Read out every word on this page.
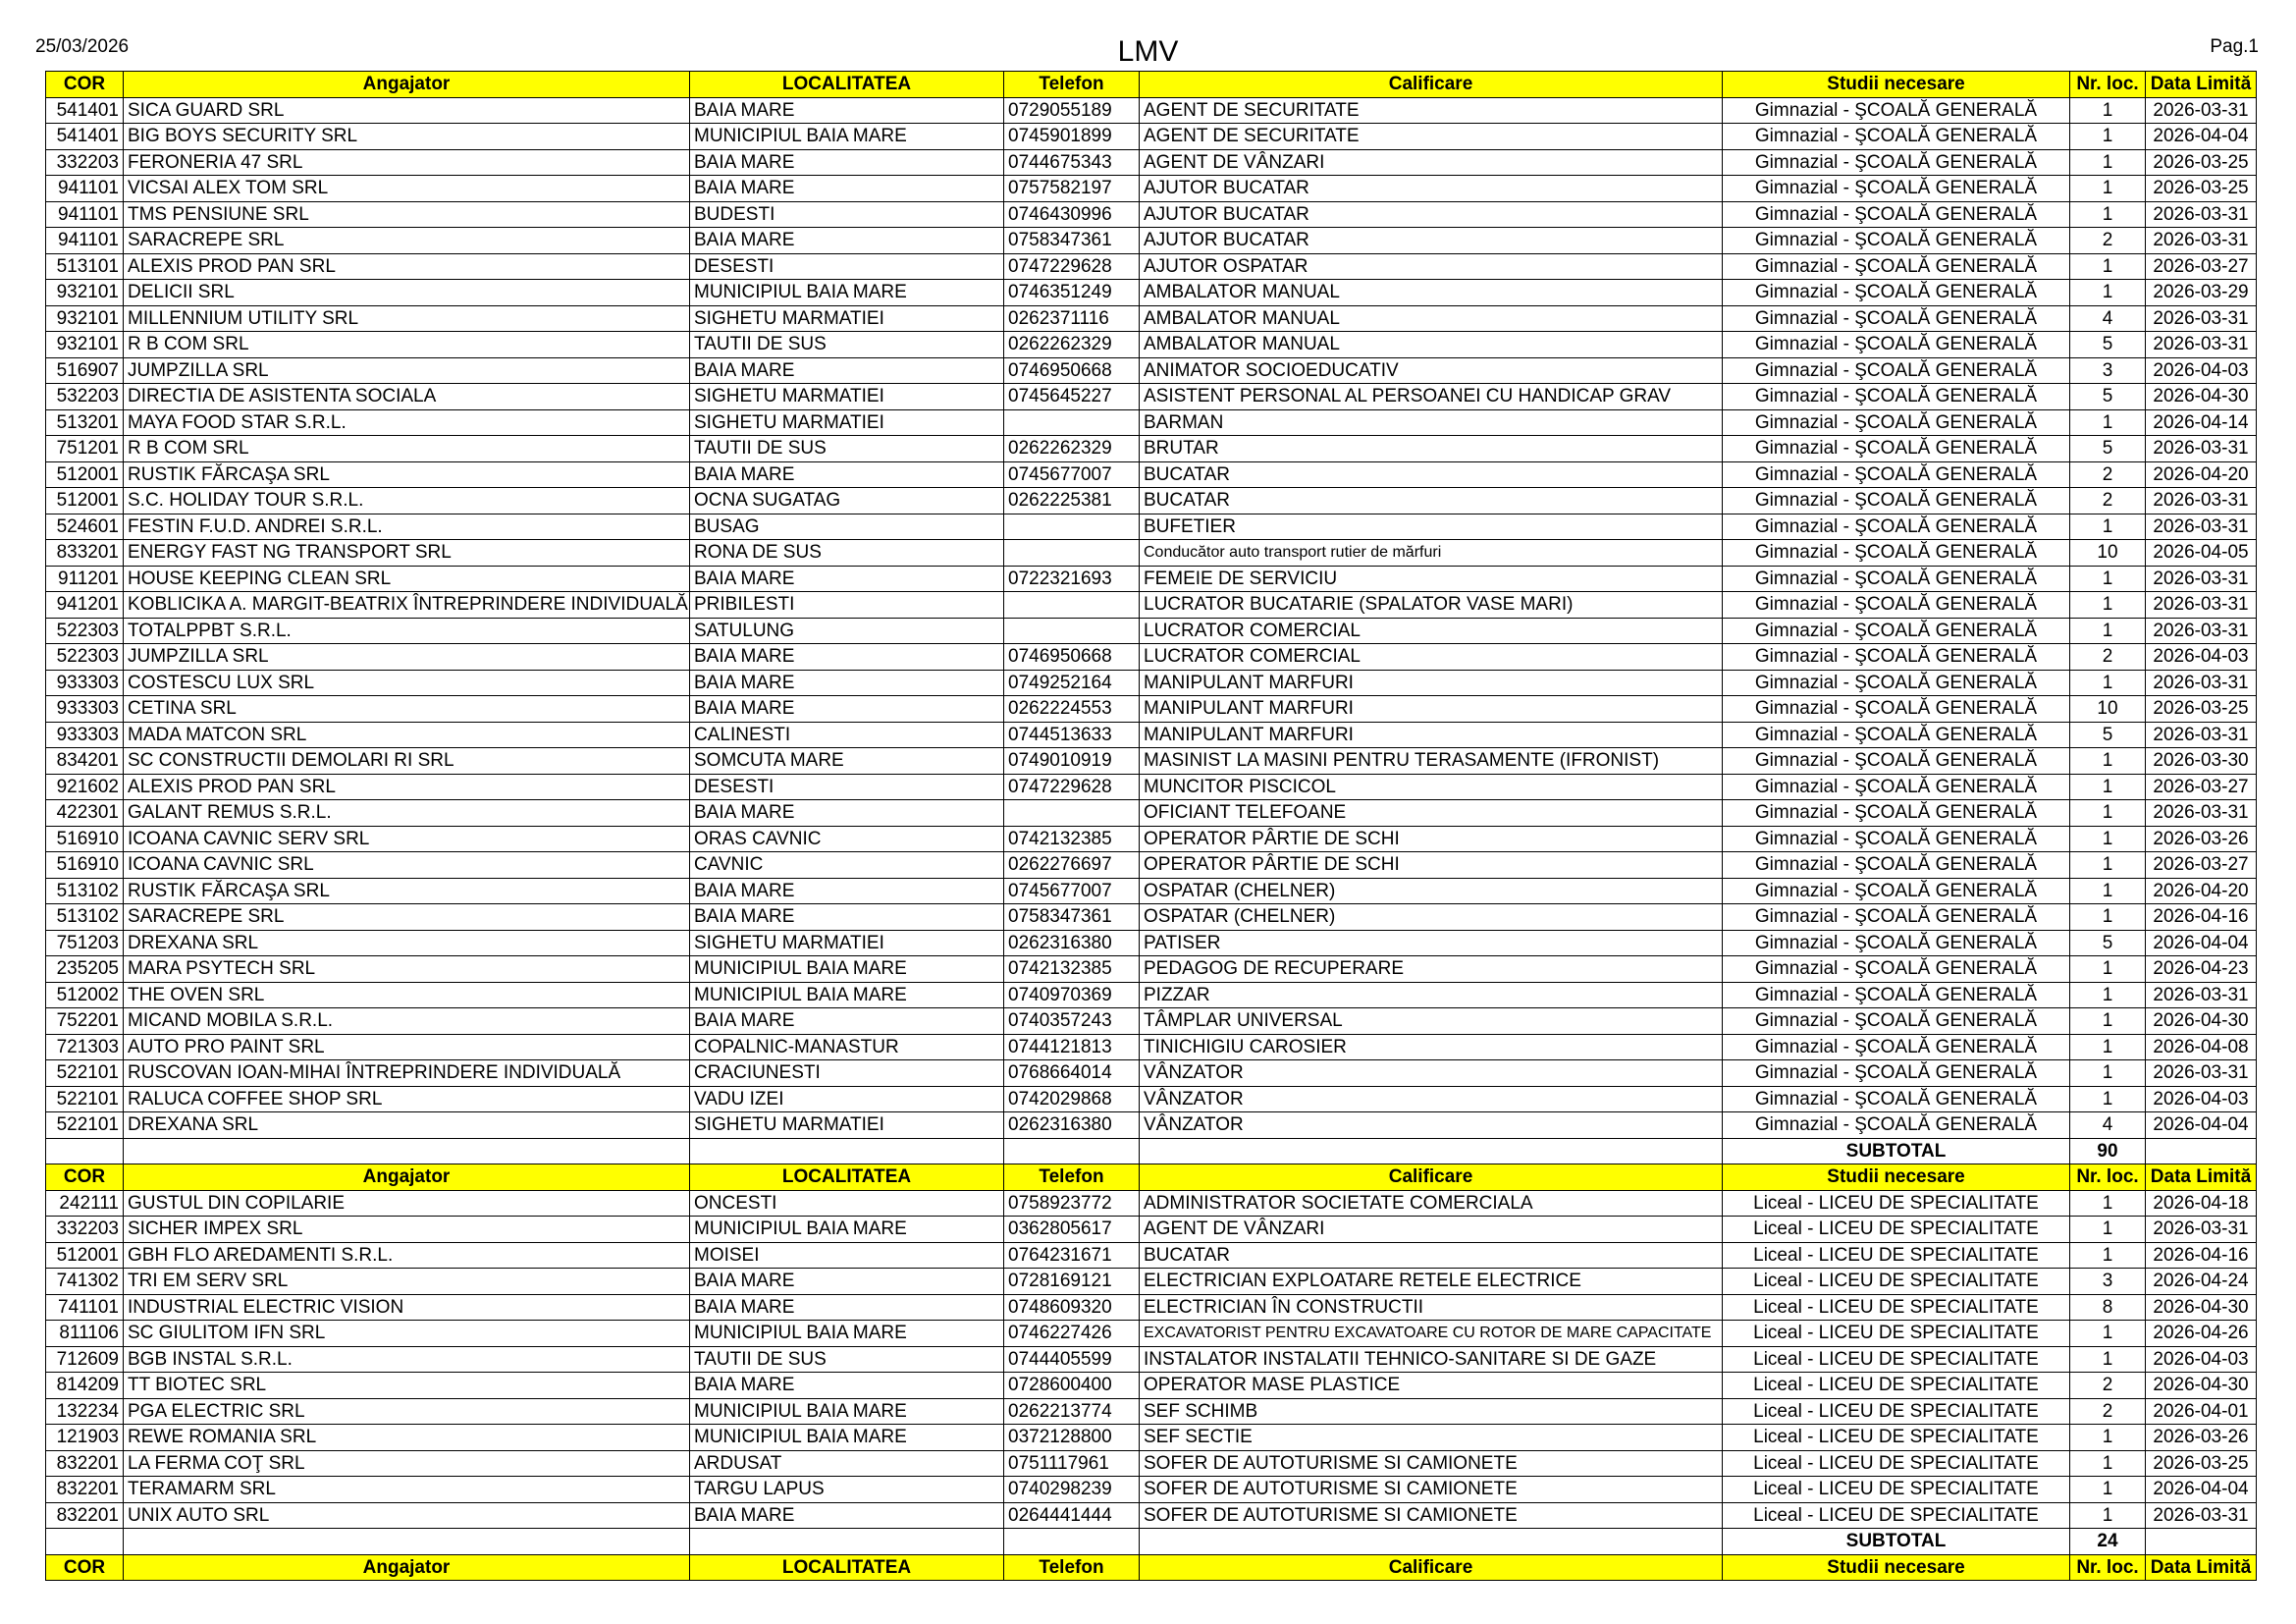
25/03/2026	LMV	Pag.1
COR	Angajator	LOCALITATEA	Telefon	Calificare	Studii necesare	Nr. loc.	Data Limită
541401	SICA GUARD SRL	BAIA MARE	0729055189	AGENT DE SECURITATE	Gimnazial - ŞCOALĂ GENERALĂ	1	2026-03-31
541401	BIG BOYS SECURITY SRL	MUNICIPIUL BAIA MARE	0745901899	AGENT DE SECURITATE	Gimnazial - ŞCOALĂ GENERALĂ	1	2026-04-04
332203	FERONERIA 47 SRL	BAIA MARE	0744675343	AGENT DE VÂNZARI	Gimnazial - ŞCOALĂ GENERALĂ	1	2026-03-25
941101	VICSAI ALEX TOM SRL	BAIA MARE	0757582197	AJUTOR BUCATAR	Gimnazial - ŞCOALĂ GENERALĂ	1	2026-03-25
941101	TMS PENSIUNE SRL	BUDESTI	0746430996	AJUTOR BUCATAR	Gimnazial - ŞCOALĂ GENERALĂ	1	2026-03-31
941101	SARACREPE SRL	BAIA MARE	0758347361	AJUTOR BUCATAR	Gimnazial - ŞCOALĂ GENERALĂ	2	2026-03-31
513101	ALEXIS PROD PAN SRL	DESESTI	0747229628	AJUTOR OSPATAR	Gimnazial - ŞCOALĂ GENERALĂ	1	2026-03-27
932101	DELICII SRL	MUNICIPIUL BAIA MARE	0746351249	AMBALATOR MANUAL	Gimnazial - ŞCOALĂ GENERALĂ	1	2026-03-29
932101	MILLENNIUM UTILITY SRL	SIGHETU MARMATIEI	0262371116	AMBALATOR MANUAL	Gimnazial - ŞCOALĂ GENERALĂ	4	2026-03-31
932101	R B COM SRL	TAUTII DE SUS	0262262329	AMBALATOR MANUAL	Gimnazial - ŞCOALĂ GENERALĂ	5	2026-03-31
516907	JUMPZILLA SRL	BAIA MARE	0746950668	ANIMATOR SOCIOEDUCATIV	Gimnazial - ŞCOALĂ GENERALĂ	3	2026-04-03
532203	DIRECTIA DE ASISTENTA SOCIALA	SIGHETU MARMATIEI	0745645227	ASISTENT PERSONAL AL PERSOANEI CU HANDICAP GRAV	Gimnazial - ŞCOALĂ GENERALĂ	5	2026-04-30
513201	MAYA FOOD STAR S.R.L.	SIGHETU MARMATIEI		BARMAN	Gimnazial - ŞCOALĂ GENERALĂ	1	2026-04-14
751201	R B COM SRL	TAUTII DE SUS	0262262329	BRUTAR	Gimnazial - ŞCOALĂ GENERALĂ	5	2026-03-31
512001	RUSTIK FĂRCAŞA SRL	BAIA MARE	0745677007	BUCATAR	Gimnazial - ŞCOALĂ GENERALĂ	2	2026-04-20
512001	S.C. HOLIDAY TOUR S.R.L.	OCNA SUGATAG	0262225381	BUCATAR	Gimnazial - ŞCOALĂ GENERALĂ	2	2026-03-31
524601	FESTIN F.U.D. ANDREI S.R.L.	BUSAG		BUFETIER	Gimnazial - ŞCOALĂ GENERALĂ	1	2026-03-31
833201	ENERGY FAST NG TRANSPORT SRL	RONA DE SUS		Conducător auto transport rutier de mărfuri	Gimnazial - ŞCOALĂ GENERALĂ	10	2026-04-05
911201	HOUSE KEEPING CLEAN SRL	BAIA MARE	0722321693	FEMEIE DE SERVICIU	Gimnazial - ŞCOALĂ GENERALĂ	1	2026-03-31
941201	KOBLICIKA A. MARGIT-BEATRIX ÎNTREPRINDERE INDIVIDUALĂ	PRIBILESTI		LUCRATOR BUCATARIE (SPALATOR VASE MARI)	Gimnazial - ŞCOALĂ GENERALĂ	1	2026-03-31
522303	TOTALPPBT S.R.L.	SATULUNG		LUCRATOR COMERCIAL	Gimnazial - ŞCOALĂ GENERALĂ	1	2026-03-31
522303	JUMPZILLA SRL	BAIA MARE	0746950668	LUCRATOR COMERCIAL	Gimnazial - ŞCOALĂ GENERALĂ	2	2026-04-03
933303	COSTESCU LUX SRL	BAIA MARE	0749252164	MANIPULANT MARFURI	Gimnazial - ŞCOALĂ GENERALĂ	1	2026-03-31
933303	CETINA SRL	BAIA MARE	0262224553	MANIPULANT MARFURI	Gimnazial - ŞCOALĂ GENERALĂ	10	2026-03-25
933303	MADA MATCON SRL	CALINESTI	0744513633	MANIPULANT MARFURI	Gimnazial - ŞCOALĂ GENERALĂ	5	2026-03-31
834201	SC CONSTRUCTII DEMOLARI RI SRL	SOMCUTA MARE	0749010919	MASINIST LA MASINI PENTRU TERASAMENTE (IFRONIST)	Gimnazial - ŞCOALĂ GENERALĂ	1	2026-03-30
921602	ALEXIS PROD PAN SRL	DESESTI	0747229628	MUNCITOR PISCICOL	Gimnazial - ŞCOALĂ GENERALĂ	1	2026-03-27
422301	GALANT REMUS S.R.L.	BAIA MARE		OFICIANT TELEFOANE	Gimnazial - ŞCOALĂ GENERALĂ	1	2026-03-31
516910	ICOANA CAVNIC SERV SRL	ORAS CAVNIC	0742132385	OPERATOR PÂRTIE DE SCHI	Gimnazial - ŞCOALĂ GENERALĂ	1	2026-03-26
516910	ICOANA CAVNIC SRL	CAVNIC	0262276697	OPERATOR PÂRTIE DE SCHI	Gimnazial - ŞCOALĂ GENERALĂ	1	2026-03-27
513102	RUSTIK FĂRCAŞA SRL	BAIA MARE	0745677007	OSPATAR (CHELNER)	Gimnazial - ŞCOALĂ GENERALĂ	1	2026-04-20
513102	SARACREPE SRL	BAIA MARE	0758347361	OSPATAR (CHELNER)	Gimnazial - ŞCOALĂ GENERALĂ	1	2026-04-16
751203	DREXANA SRL	SIGHETU MARMATIEI	0262316380	PATISER	Gimnazial - ŞCOALĂ GENERALĂ	5	2026-04-04
235205	MARA PSYTECH SRL	MUNICIPIUL BAIA MARE	0742132385	PEDAGOG DE RECUPERARE	Gimnazial - ŞCOALĂ GENERALĂ	1	2026-04-23
512002	THE OVEN SRL	MUNICIPIUL BAIA MARE	0740970369	PIZZAR	Gimnazial - ŞCOALĂ GENERALĂ	1	2026-03-31
752201	MICAND MOBILA S.R.L.	BAIA MARE	0740357243	TÂMPLAR UNIVERSAL	Gimnazial - ŞCOALĂ GENERALĂ	1	2026-04-30
721303	AUTO PRO PAINT SRL	COPALNIC-MANASTUR	0744121813	TINICHIGIU CAROSIER	Gimnazial - ŞCOALĂ GENERALĂ	1	2026-04-08
522101	RUSCOVAN IOAN-MIHAI ÎNTREPRINDERE INDIVIDUALĂ	CRACIUNESTI	0768664014	VÂNZATOR	Gimnazial - ŞCOALĂ GENERALĂ	1	2026-03-31
522101	RALUCA COFFEE SHOP SRL	VADU IZEI	0742029868	VÂNZATOR	Gimnazial - ŞCOALĂ GENERALĂ	1	2026-04-03
522101	DREXANA SRL	SIGHETU MARMATIEI	0262316380	VÂNZATOR	Gimnazial - ŞCOALĂ GENERALĂ	4	2026-04-04
					SUBTOTAL	90	
COR	Angajator	LOCALITATEA	Telefon	Calificare	Studii necesare	Nr. loc.	Data Limită
242111	GUSTUL DIN COPILARIE	ONCESTI	0758923772	ADMINISTRATOR SOCIETATE COMERCIALA	Liceal - LICEU DE SPECIALITATE	1	2026-04-18
332203	SICHER IMPEX SRL	MUNICIPIUL BAIA MARE	0362805617	AGENT DE VÂNZARI	Liceal - LICEU DE SPECIALITATE	1	2026-03-31
512001	GBH FLO AREDAMENTI S.R.L.	MOISEI	0764231671	BUCATAR	Liceal - LICEU DE SPECIALITATE	1	2026-04-16
741302	TRI EM SERV SRL	BAIA MARE	0728169121	ELECTRICIAN EXPLOATARE RETELE ELECTRICE	Liceal - LICEU DE SPECIALITATE	3	2026-04-24
741101	INDUSTRIAL ELECTRIC VISION	BAIA MARE	0748609320	ELECTRICIAN ÎN CONSTRUCTII	Liceal - LICEU DE SPECIALITATE	8	2026-04-30
811106	SC GIULITOM IFN SRL	MUNICIPIUL BAIA MARE	0746227426	EXCAVATORIST PENTRU EXCAVATOARE CU ROTOR DE MARE CAPACITATE	Liceal - LICEU DE SPECIALITATE	1	2026-04-26
712609	BGB INSTAL S.R.L.	TAUTII DE SUS	0744405599	INSTALATOR INSTALATII TEHNICO-SANITARE SI DE GAZE	Liceal - LICEU DE SPECIALITATE	1	2026-04-03
814209	TT BIOTEC SRL	BAIA MARE	0728600400	OPERATOR MASE PLASTICE	Liceal - LICEU DE SPECIALITATE	2	2026-04-30
132234	PGA ELECTRIC SRL	MUNICIPIUL BAIA MARE	0262213774	SEF SCHIMB	Liceal - LICEU DE SPECIALITATE	2	2026-04-01
121903	REWE ROMANIA SRL	MUNICIPIUL BAIA MARE	0372128800	SEF SECTIE	Liceal - LICEU DE SPECIALITATE	1	2026-03-26
832201	LA FERMA COŢ SRL	ARDUSAT	0751117961	SOFER DE AUTOTURISME SI CAMIONETE	Liceal - LICEU DE SPECIALITATE	1	2026-03-25
832201	TERAMARM SRL	TARGU LAPUS	0740298239	SOFER DE AUTOTURISME SI CAMIONETE	Liceal - LICEU DE SPECIALITATE	1	2026-04-04
832201	UNIX AUTO SRL	BAIA MARE	0264441444	SOFER DE AUTOTURISME SI CAMIONETE	Liceal - LICEU DE SPECIALITATE	1	2026-03-31
					SUBTOTAL	24	
COR	Angajator	LOCALITATEA	Telefon	Calificare	Studii necesare	Nr. loc.	Data Limită
